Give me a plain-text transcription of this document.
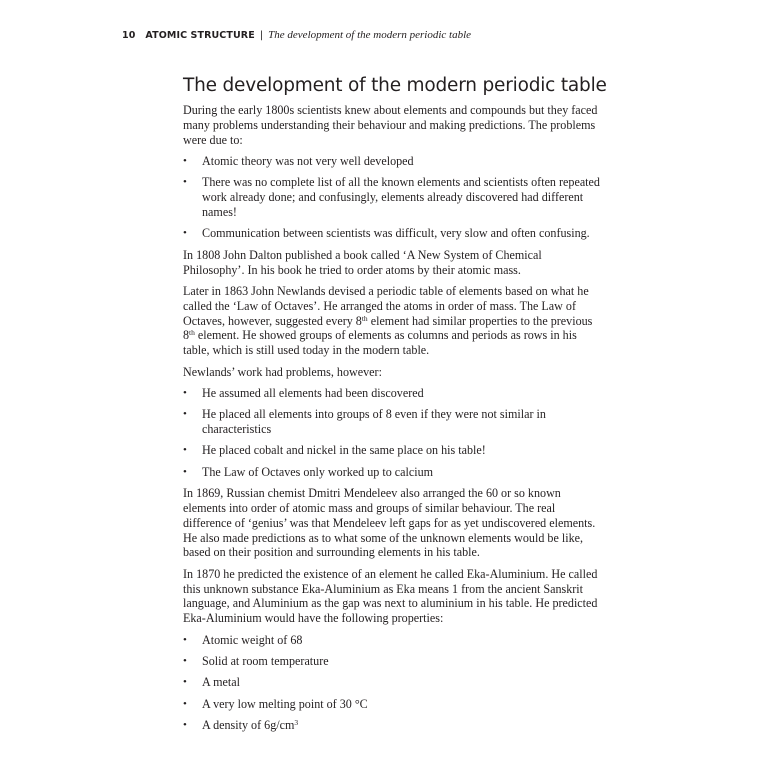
10 ATOMIC STRUCTURE | The development of the modern periodic table
The development of the modern periodic table

During the early 1800s scientists knew about elements and compounds but they faced many problems understanding their behaviour and making predictions. The problems were due to:

• Atomic theory was not very well developed
• There was no complete list of all the known elements and scientists often repeated work already done; and confusingly, elements already discovered had different names!
• Communication between scientists was difficult, very slow and often confusing.

In 1808 John Dalton published a book called ‘A New System of Chemical Philosophy’. In his book he tried to order atoms by their atomic mass.

Later in 1863 John Newlands devised a periodic table of elements based on what he called the ‘Law of Octaves’. He arranged the atoms in order of mass. The Law of Octaves, however, suggested every 8th element had similar properties to the previous 8th element. He showed groups of elements as columns and periods as rows in his table, which is still used today in the modern table.

Newlands’ work had problems, however:

• He assumed all elements had been discovered
• He placed all elements into groups of 8 even if they were not similar in characteristics
• He placed cobalt and nickel in the same place on his table!
• The Law of Octaves only worked up to calcium

In 1869, Russian chemist Dmitri Mendeleev also arranged the 60 or so known elements into order of atomic mass and groups of similar behaviour. The real difference of ‘genius’ was that Mendeleev left gaps for as yet undiscovered elements. He also made predictions as to what some of the unknown elements would be like, based on their position and surrounding elements in his table.

In 1870 he predicted the existence of an element he called Eka-Aluminium. He called this unknown substance Eka-Aluminium as Eka means 1 from the ancient Sanskrit language, and Aluminium as the gap was next to aluminium in his table. He predicted Eka-Aluminium would have the following properties:

• Atomic weight of 68
• Solid at room temperature
• A metal
• A very low melting point of 30 °C
• A density of $6g/cm^3$
